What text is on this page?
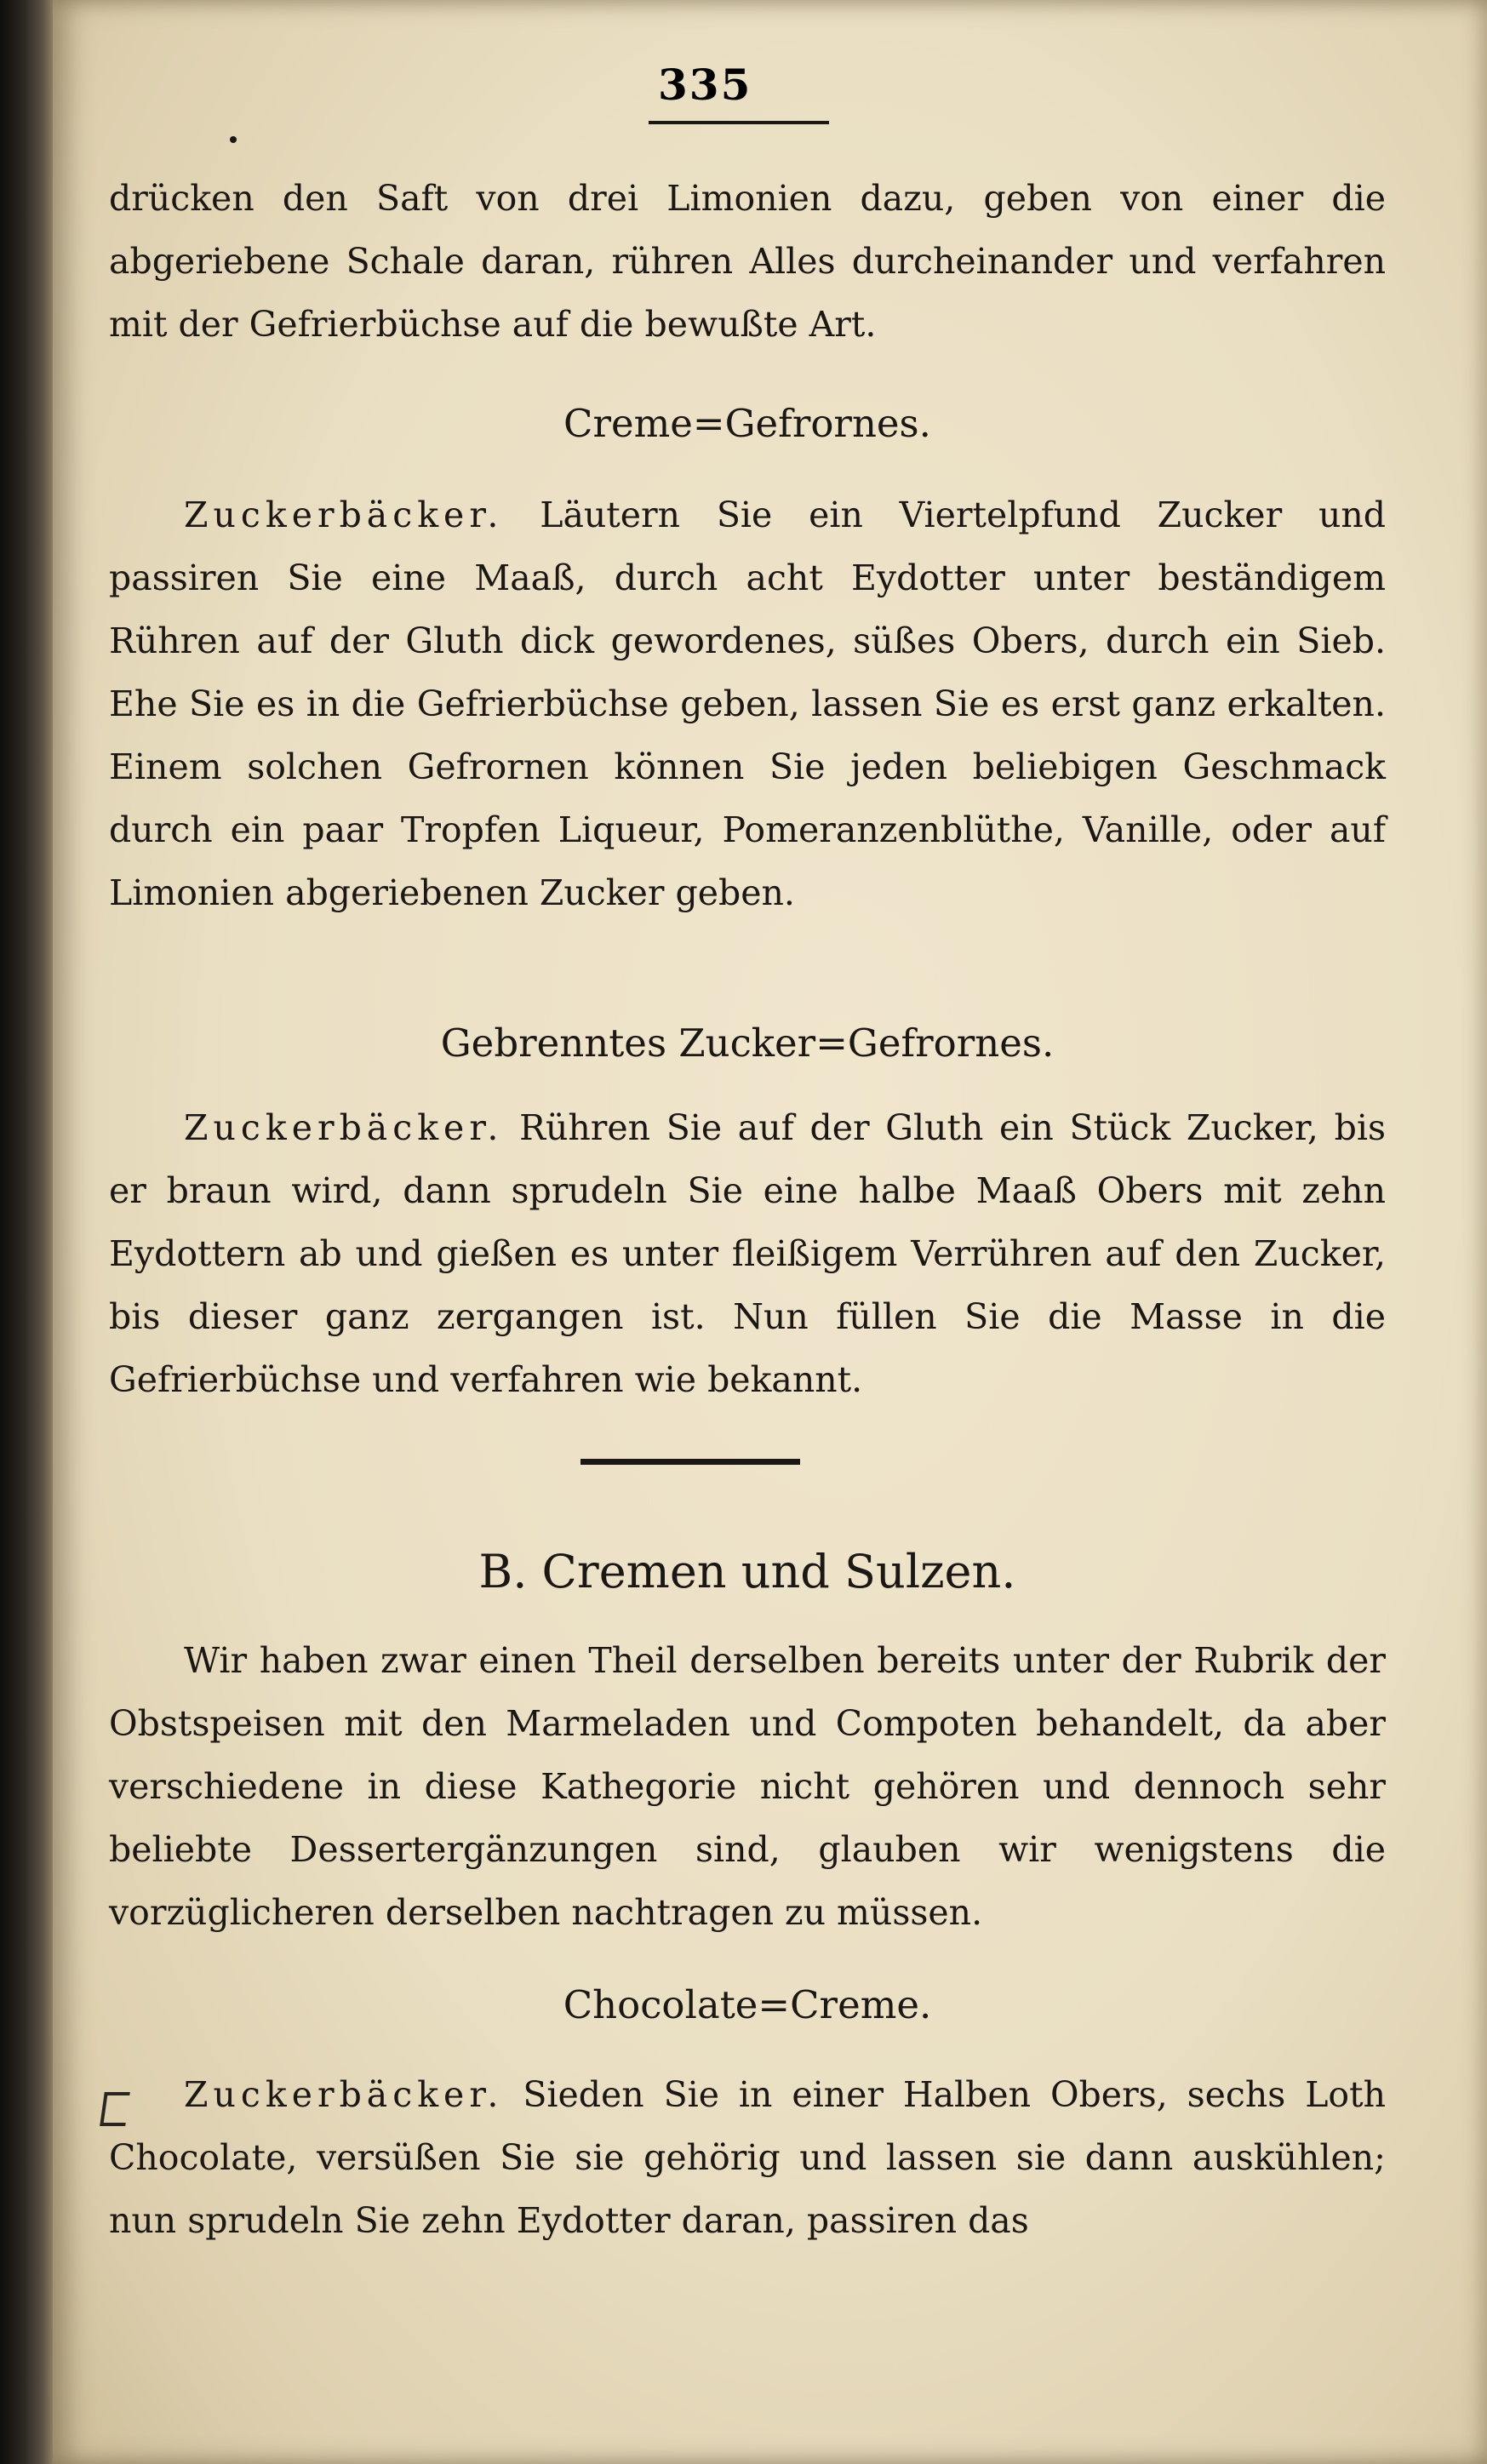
335
drücken den Saft von drei Limonien dazu, geben von einer die abgeriebene Schale daran, rühren Alles durcheinander und verfahren mit der Gefrierbüchse auf die bewußte Art.
Creme=Gefrornes.
Zuckerbäcker. Läutern Sie ein Viertelpfund Zucker und passiren Sie eine Maaß, durch acht Eydotter unter beständigem Rühren auf der Gluth dick gewordenes, süßes Obers, durch ein Sieb. Ehe Sie es in die Gefrierbüchse geben, lassen Sie es erst ganz erkalten. Einem solchen Gefrornen können Sie jeden beliebigen Geschmack durch ein paar Tropfen Liqueur, Pomeranzenblüthe, Vanille, oder auf Limonien abgeriebenen Zucker geben.
Gebrenntes Zucker=Gefrornes.
Zuckerbäcker. Rühren Sie auf der Gluth ein Stück Zucker, bis er braun wird, dann sprudeln Sie eine halbe Maaß Obers mit zehn Eydottern ab und gießen es unter fleißigem Verrühren auf den Zucker, bis dieser ganz zergangen ist. Nun füllen Sie die Masse in die Gefrierbüchse und verfahren wie bekannt.
B. Cremen und Sulzen.
Wir haben zwar einen Theil derselben bereits unter der Rubrik der Obstspeisen mit den Marmeladen und Compoten behandelt, da aber verschiedene in diese Kathegorie nicht gehören und dennoch sehr beliebte Dessertergänzungen sind, glauben wir wenigstens die vorzüglicheren derselben nachtragen zu müssen.
Chocolate=Creme.
Zuckerbäcker. Sieden Sie in einer Halben Obers, sechs Loth Chocolate, versüßen Sie sie gehörig und lassen sie dann auskühlen; nun sprudeln Sie zehn Eydotter daran, passiren das
